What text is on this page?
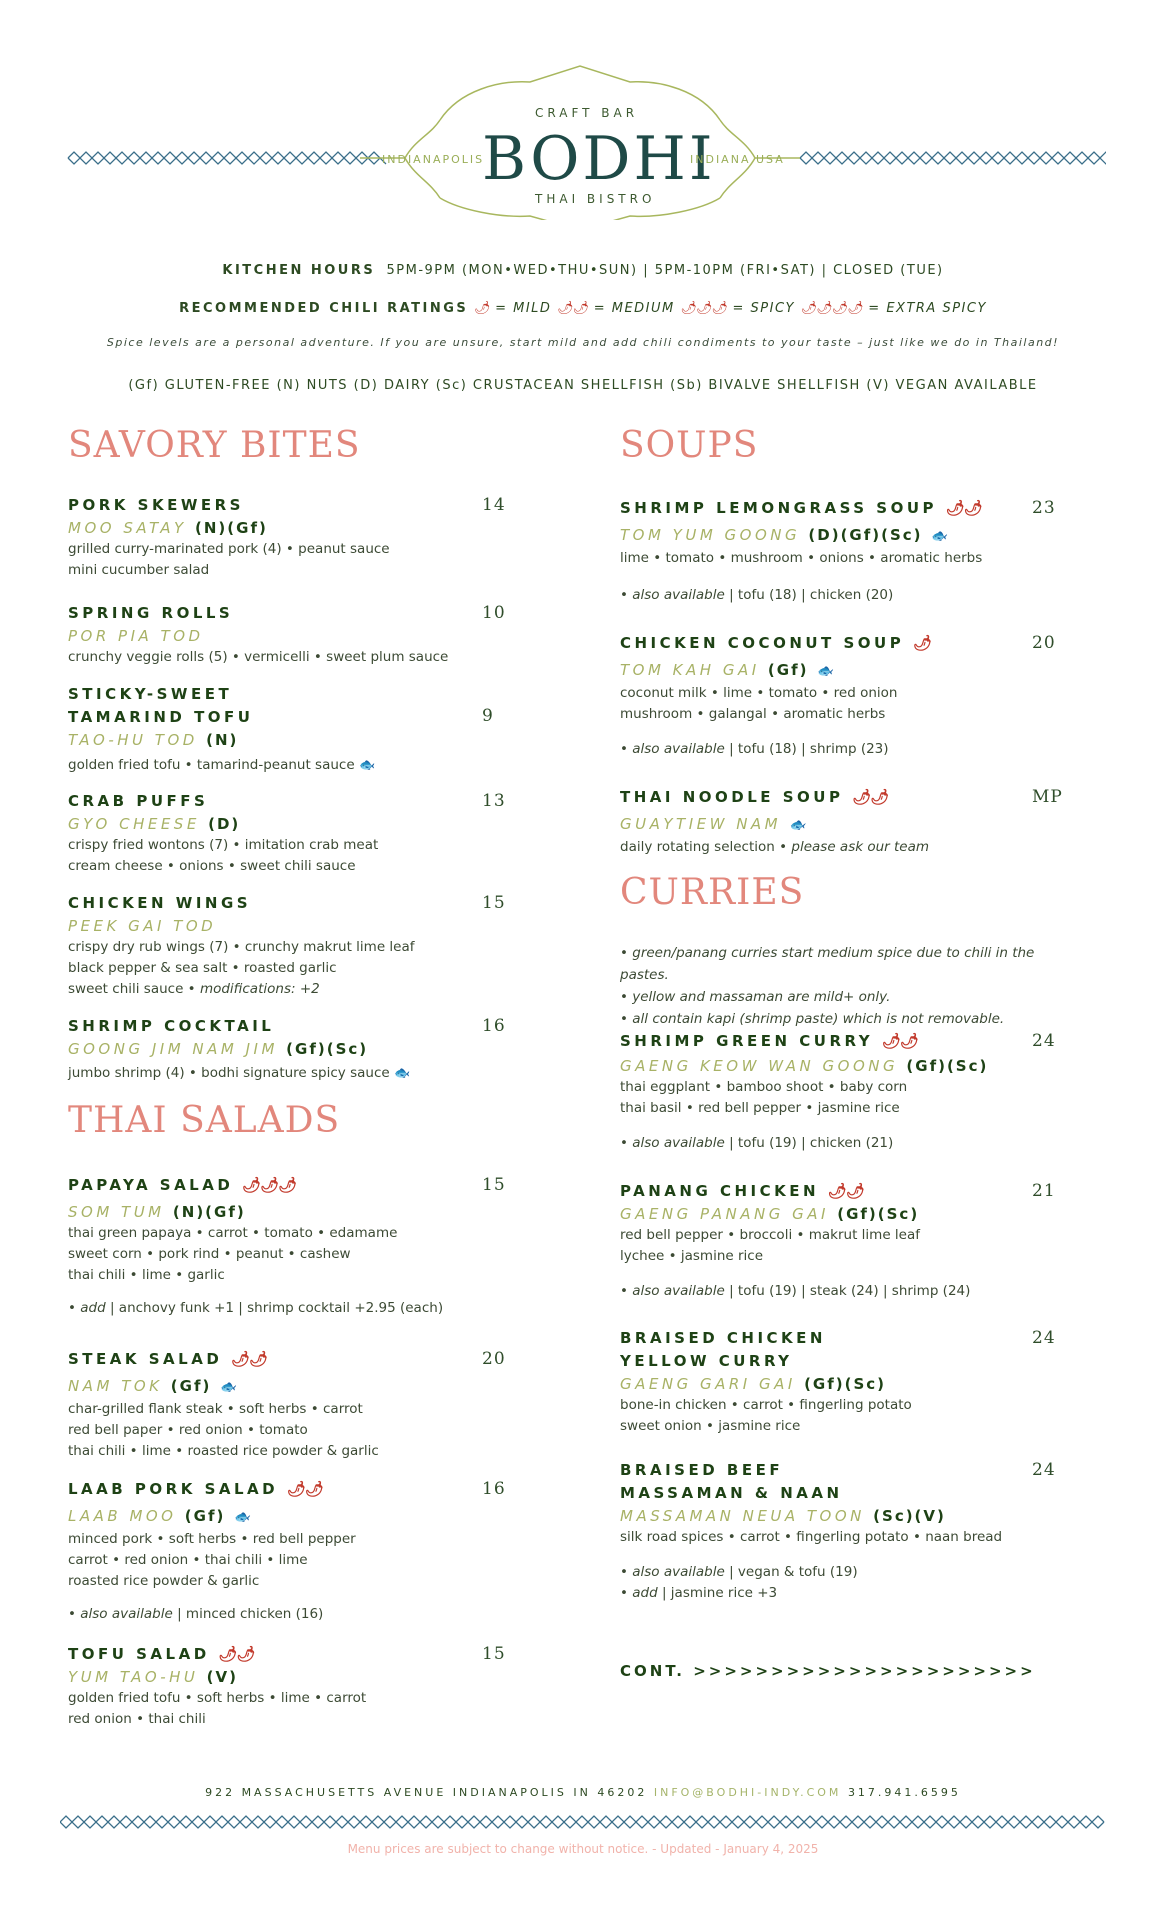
CRAFT BAR
BODHI
THAI BISTRO
INDIANAPOLIS	INDIANA USA
KITCHEN HOURS 5PM-9PM (MON•WED•THU•SUN) | 5PM-10PM (FRI•SAT) | CLOSED (TUE)
RECOMMENDED CHILI RATINGS 🌶 = MILD 🌶🌶 = MEDIUM 🌶🌶🌶 = SPICY 🌶🌶🌶🌶 = EXTRA SPICY
Spice levels are a personal adventure. If you are unsure, start mild and add chili condiments to your taste – just like we do in Thailand!
(Gf) GLUTEN-FREE (N) NUTS (D) DAIRY (Sc) CRUSTACEAN SHELLFISH (Sb) BIVALVE SHELLFISH (V) VEGAN AVAILABLE
SAVORY BITES
PORK SKEWERS
MOO SATAY (N)(Gf)
grilled curry-marinated pork (4) • peanut sauce
mini cucumber salad
14
SPRING ROLLS
POR PIA TOD
crunchy veggie rolls (5) • vermicelli • sweet plum sauce
10
STICKY-SWEET
TAMARIND TOFU
TAO-HU TOD (N)
golden fried tofu • tamarind-peanut sauce 🐟
9
CRAB PUFFS
GYO CHEESE (D)
crispy fried wontons (7) • imitation crab meat
cream cheese • onions • sweet chili sauce
13
CHICKEN WINGS
PEEK GAI TOD
crispy dry rub wings (7) • crunchy makrut lime leaf
black pepper & sea salt • roasted garlic
sweet chili sauce • modifications: +2
15
SHRIMP COCKTAIL
GOONG JIM NAM JIM (Gf)(Sc)
jumbo shrimp (4) • bodhi signature spicy sauce 🐟
16
THAI SALADS
PAPAYA SALAD 🌶🌶🌶
SOM TUM (N)(Gf)
thai green papaya • carrot • tomato • edamame
sweet corn • pork rind • peanut • cashew
thai chili • lime • garlic
• add | anchovy funk +1 | shrimp cocktail +2.95 (each)
15
STEAK SALAD 🌶🌶
NAM TOK (Gf) 🐟
char-grilled flank steak • soft herbs • carrot
red bell paper • red onion • tomato
thai chili • lime • roasted rice powder & garlic
20
LAAB PORK SALAD 🌶🌶
LAAB MOO (Gf) 🐟
minced pork • soft herbs • red bell pepper
carrot • red onion • thai chili • lime
roasted rice powder & garlic
• also available | minced chicken (16)
16
TOFU SALAD 🌶🌶
YUM TAO-HU (V)
golden fried tofu • soft herbs • lime • carrot
red onion • thai chili
15
SOUPS
SHRIMP LEMONGRASS SOUP 🌶🌶
TOM YUM GOONG (D)(Gf)(Sc) 🐟
lime • tomato • mushroom • onions • aromatic herbs
• also available | tofu (18) | chicken (20)
23
CHICKEN COCONUT SOUP 🌶
TOM KAH GAI (Gf) 🐟
coconut milk • lime • tomato • red onion
mushroom • galangal • aromatic herbs
• also available | tofu (18) | shrimp (23)
20
THAI NOODLE SOUP 🌶🌶
GUAYTIEW NAM 🐟
daily rotating selection • please ask our team
MP
CURRIES
• green/panang curries start medium spice due to chili in the pastes.
• yellow and massaman are mild+ only.
• all contain kapi (shrimp paste) which is not removable.
SHRIMP GREEN CURRY 🌶🌶
GAENG KEOW WAN GOONG (Gf)(Sc)
thai eggplant • bamboo shoot • baby corn
thai basil • red bell pepper • jasmine rice
• also available | tofu (19) | chicken (21)
24
PANANG CHICKEN 🌶🌶
GAENG PANANG GAI (Gf)(Sc)
red bell pepper • broccoli • makrut lime leaf
lychee • jasmine rice
• also available | tofu (19) | steak (24) | shrimp (24)
21
BRAISED CHICKEN
YELLOW CURRY
GAENG GARI GAI (Gf)(Sc)
bone-in chicken • carrot • fingerling potato
sweet onion • jasmine rice
24
BRAISED BEEF
MASSAMAN & NAAN
MASSAMAN NEUA TOON (Sc)(V)
silk road spices • carrot • fingerling potato • naan bread
• also available | vegan & tofu (19)
• add | jasmine rice +3
24
CONT. >>>>>>>>>>>>>>>>>>>>>>
922 MASSACHUSETTS AVENUE INDIANAPOLIS IN 46202 INFO@BODHI-INDY.COM 317.941.6595
Menu prices are subject to change without notice. - Updated - January 4, 2025
